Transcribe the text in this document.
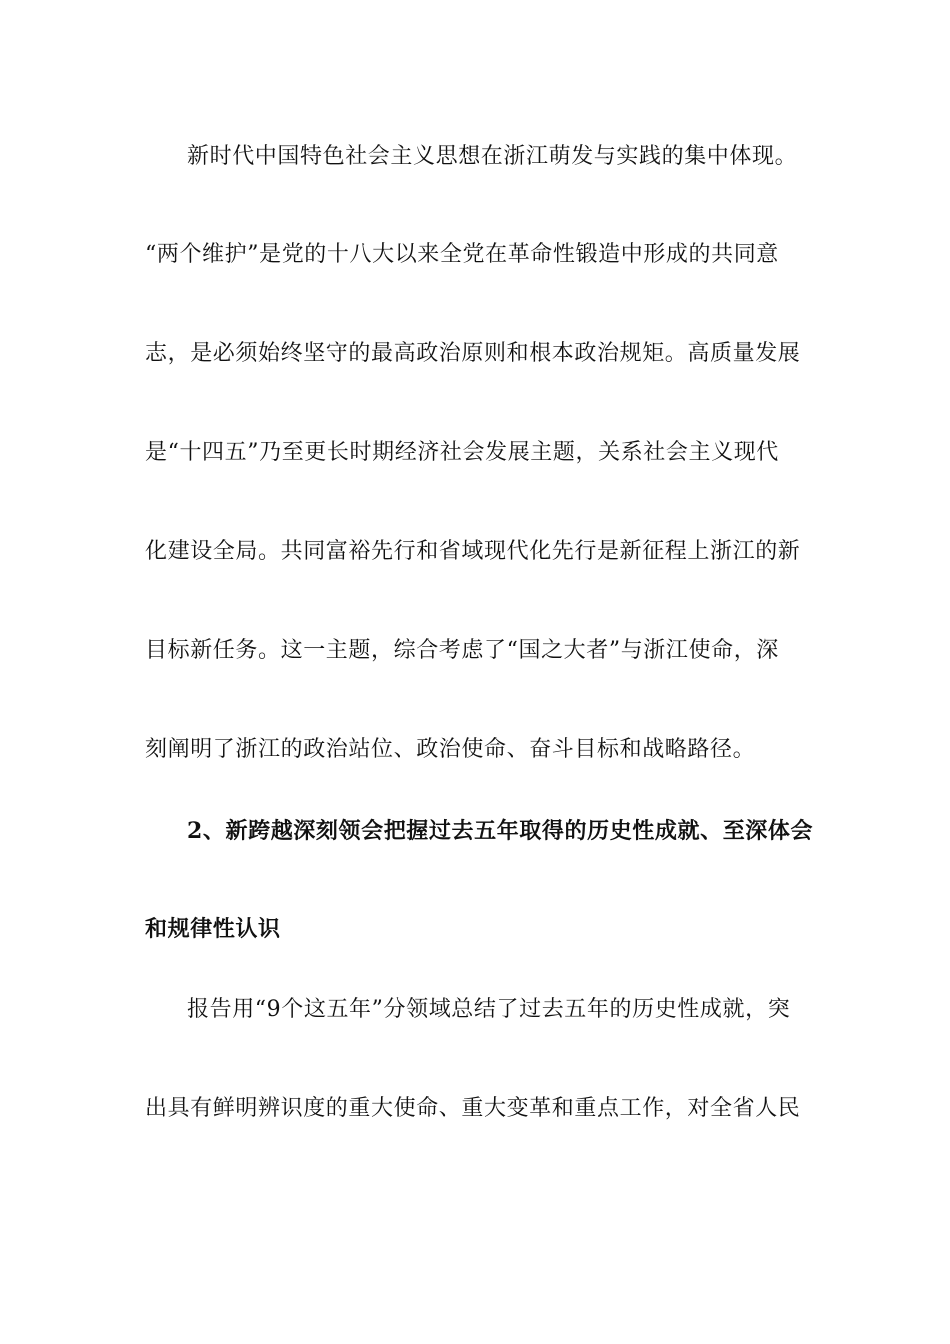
新时代中国特色社会主义思想在浙江萌发与实践的集中体现。
“两个维护”是党的十八大以来全党在革命性锻造中形成的共同意
志，是必须始终坚守的最高政治原则和根本政治规矩。高质量发展
是“十四五”乃至更长时期经济社会发展主题，关系社会主义现代
化建设全局。共同富裕先行和省域现代化先行是新征程上浙江的新
目标新任务。这一主题，综合考虑了“国之大者”与浙江使命，深
刻阐明了浙江的政治站位、政治使命、奋斗目标和战略路径。
2、新跨越深刻领会把握过去五年取得的历史性成就、至深体会
和规律性认识
报告用“9个这五年”分领域总结了过去五年的历史性成就，突
出具有鲜明辨识度的重大使命、重大变革和重点工作，对全省人民
